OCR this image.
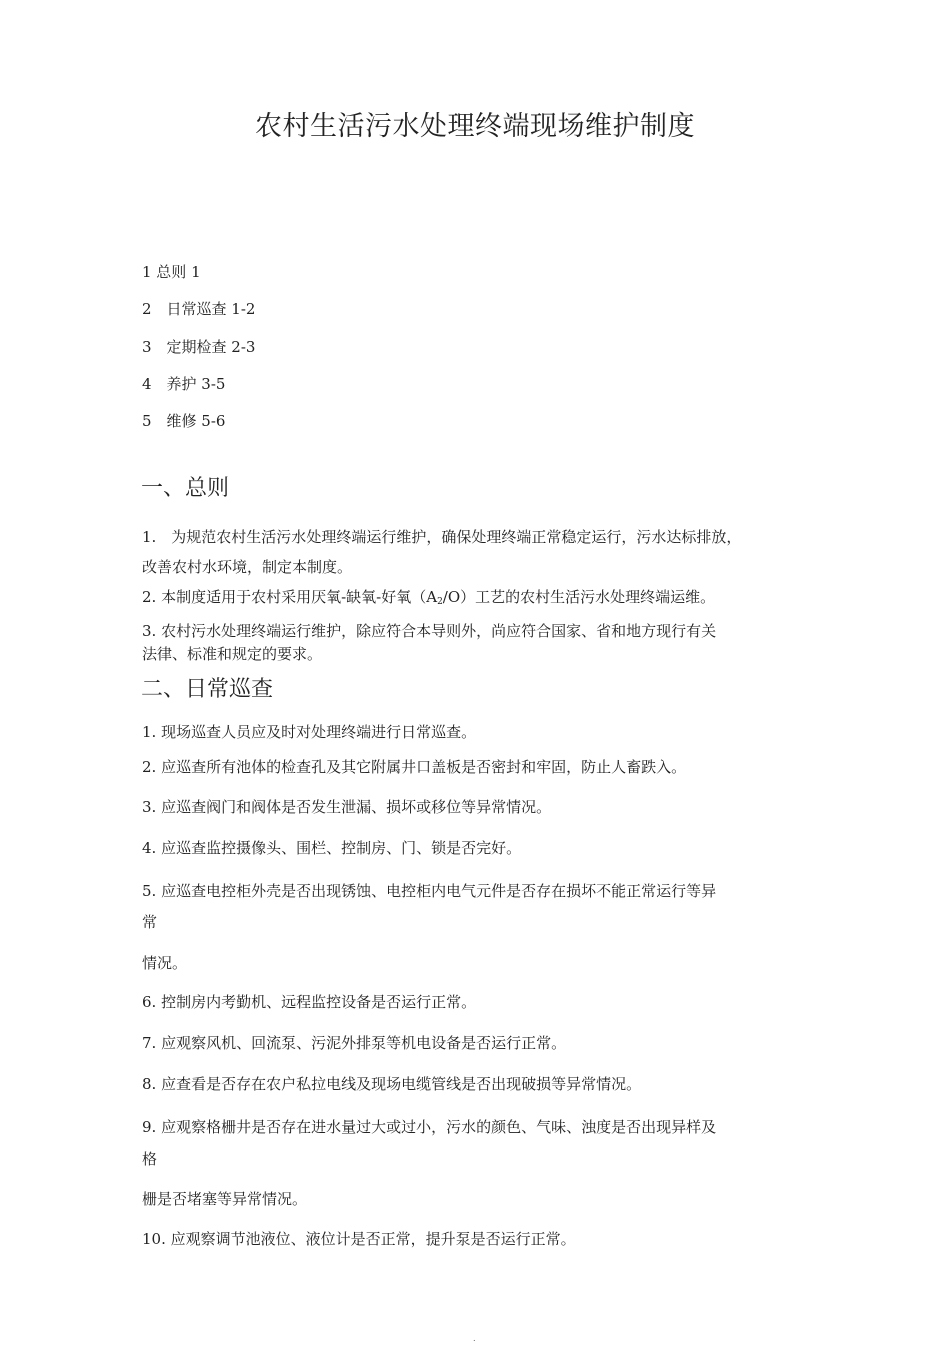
农村生活污水处理终端现场维护制度
1 总则 1
2　日常巡查 1-2
3　定期检查 2-3
4　养护 3-5
5　维修 5-6
一、总则
1.　为规范农村生活污水处理终端运行维护，确保处理终端正常稳定运行，污水达标排放，
改善农村水环境，制定本制度。
2. 本制度适用于农村采用厌氧-缺氧-好氧$(A_2/O)$工艺的农村生活污水处理终端运维。
3. 农村污水处理终端运行维护，除应符合本导则外，尚应符合国家、省和地方现行有关
法律、标准和规定的要求。
二、日常巡查
1. 现场巡查人员应及时对处理终端进行日常巡查。
2. 应巡查所有池体的检查孔及其它附属井口盖板是否密封和牢固，防止人畜跌入。
3. 应巡查阀门和阀体是否发生泄漏、损坏或移位等异常情况。
4. 应巡查监控摄像头、围栏、控制房、门、锁是否完好。
5. 应巡查电控柜外壳是否出现锈蚀、电控柜内电气元件是否存在损坏不能正常运行等异
常
情况。
6. 控制房内考勤机、远程监控设备是否运行正常。
7. 应观察风机、回流泵、污泥外排泵等机电设备是否运行正常。
8. 应查看是否存在农户私拉电线及现场电缆管线是否出现破损等异常情况。
9. 应观察格栅井是否存在进水量过大或过小，污水的颜色、气味、浊度是否出现异样及
格
栅是否堵塞等异常情况。
10. 应观察调节池液位、液位计是否正常，提升泵是否运行正常。
.
